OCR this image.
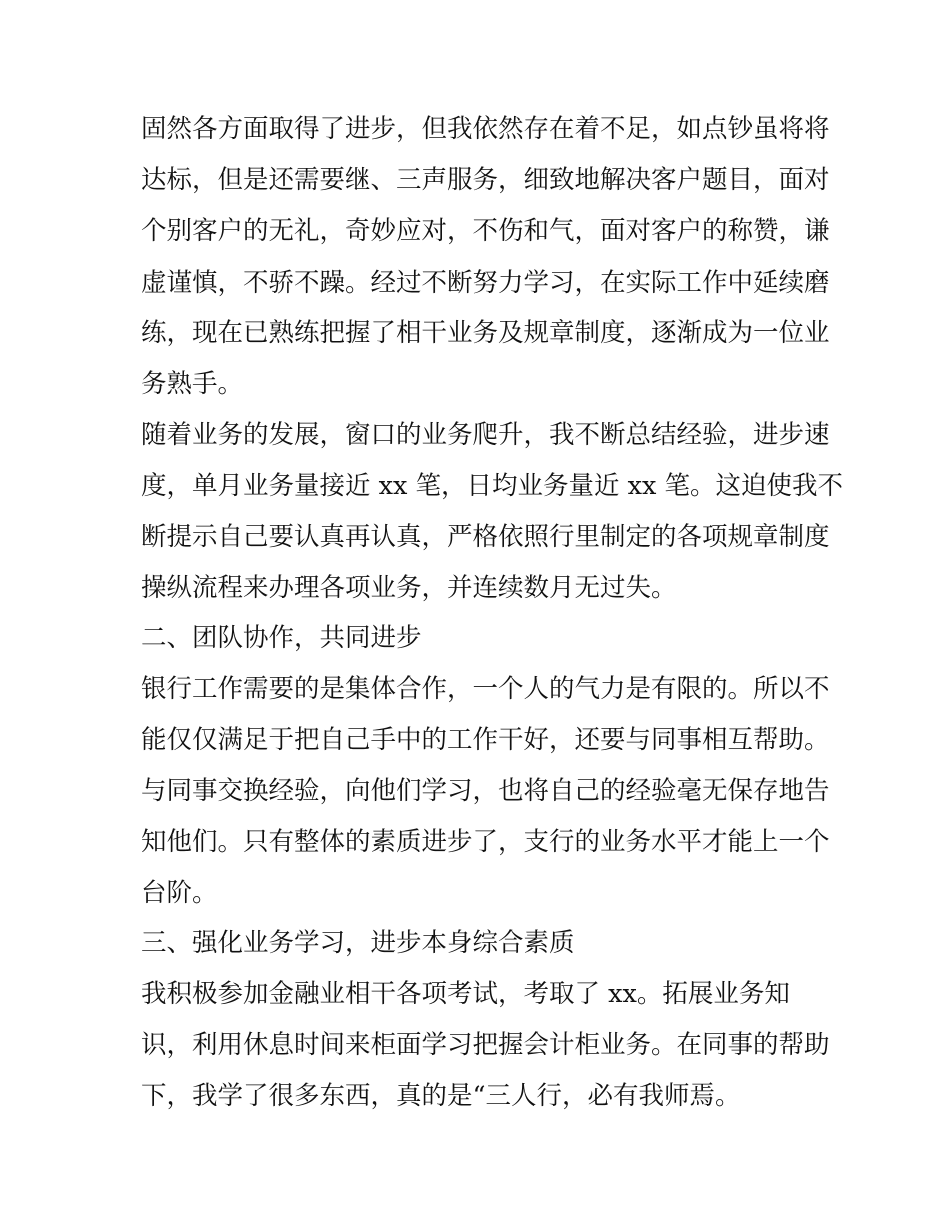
固然各方面取得了进步，但我依然存在着不足，如点钞虽将将
达标，但是还需要继、三声服务，细致地解决客户题目，面对
个别客户的无礼，奇妙应对，不伤和气，面对客户的称赞，谦
虚谨慎，不骄不躁。经过不断努力学习，在实际工作中延续磨
练，现在已熟练把握了相干业务及规章制度，逐渐成为一位业
务熟手。
随着业务的发展，窗口的业务爬升，我不断总结经验，进步速
度，单月业务量接近 xx 笔，日均业务量近 xx 笔。这迫使我不
断提示自己要认真再认真，严格依照行里制定的各项规章制度
操纵流程来办理各项业务，并连续数月无过失。
二、团队协作，共同进步
银行工作需要的是集体合作，一个人的气力是有限的。所以不
能仅仅满足于把自己手中的工作干好，还要与同事相互帮助。
与同事交换经验，向他们学习，也将自己的经验毫无保存地告
知他们。只有整体的素质进步了，支行的业务水平才能上一个
台阶。
三、强化业务学习，进步本身综合素质
我积极参加金融业相干各项考试，考取了 xx。拓展业务知
识，利用休息时间来柜面学习把握会计柜业务。在同事的帮助
下，我学了很多东西，真的是“三人行，必有我师焉。
